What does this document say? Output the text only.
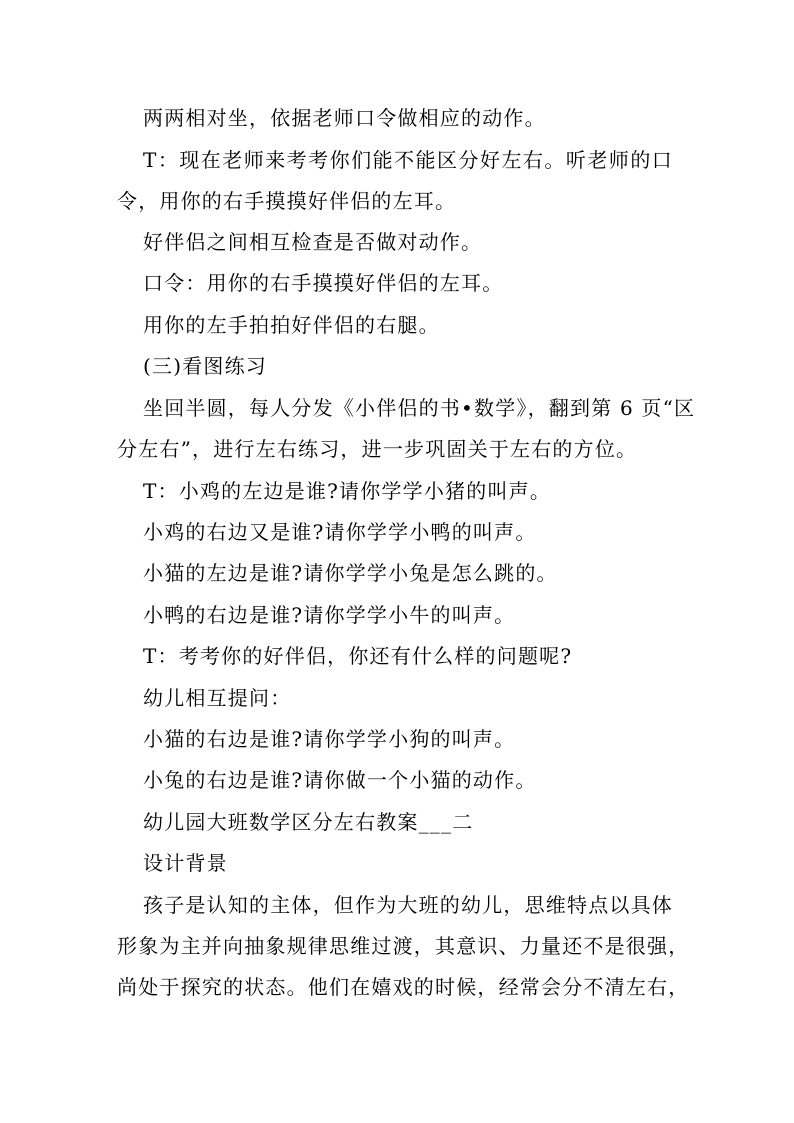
两两相对坐，依据老师口令做相应的动作。
T：现在老师来考考你们能不能区分好左右。听老师的口
令，用你的右手摸摸好伴侣的左耳。
好伴侣之间相互检查是否做对动作。
口令：用你的右手摸摸好伴侣的左耳。
用你的左手拍拍好伴侣的右腿。
(三)看图练习
坐回半圆，每人分发《小伴侣的书•数学》，翻到第 6 页“区
分左右”，进行左右练习，进一步巩固关于左右的方位。
T：小鸡的左边是谁?请你学学小猪的叫声。
小鸡的右边又是谁?请你学学小鸭的叫声。
小猫的左边是谁?请你学学小兔是怎么跳的。
小鸭的右边是谁?请你学学小牛的叫声。
T：考考你的好伴侣，你还有什么样的问题呢?
幼儿相互提问：
小猫的右边是谁?请你学学小狗的叫声。
小兔的右边是谁?请你做一个小猫的动作。
幼儿园大班数学区分左右教案___二
设计背景
孩子是认知的主体，但作为大班的幼儿，思维特点以具体
形象为主并向抽象规律思维过渡，其意识、力量还不是很强，
尚处于探究的状态。他们在嬉戏的时候，经常会分不清左右，
